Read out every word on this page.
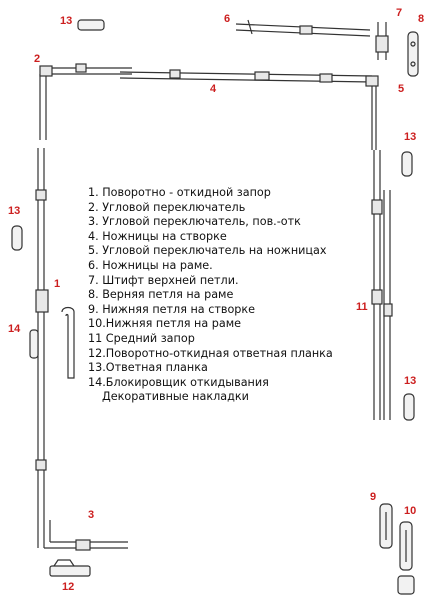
1
2
3
4	5
6	7 8
9
10
11
12
13
13
13
13
14
1. Поворотно - откидной запор
2. Угловой переключатель
3. Угловой переключатель, пов.-отк
4. Ножницы на створке
5. Угловой переключатель на ножницах
6. Ножницы на раме.
7. Штифт верхней петли.
8. Верняя петля на раме
9. Нижняя петля на створке
10.Нижняя петля на раме
11 Средний запор
12.Поворотно-откидная ответная планка
13.Ответная планка
14.Блокировщик откидывания
Декоративные накладки
